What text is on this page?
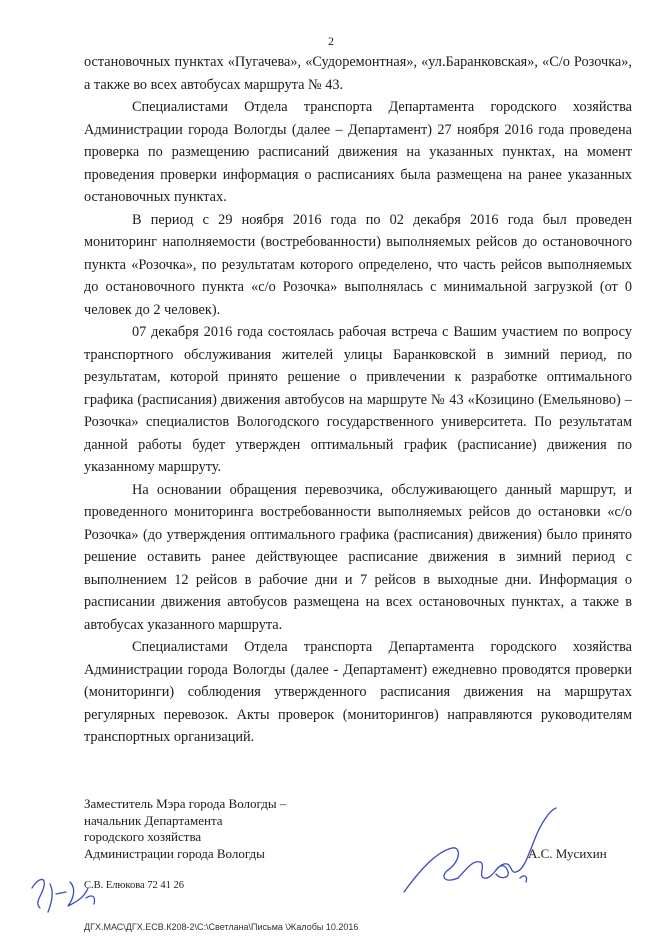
2

остановочных пунктах «Пугачева», «Судоремонтная», «ул.Баранковская», «С/о Розочка», а также во всех автобусах маршрута № 43.

Специалистами Отдела транспорта Департамента городского хозяйства Администрации города Вологды (далее – Департамент) 27 ноября 2016 года проведена проверка по размещению расписаний движения на указанных пунктах, на момент проведения проверки информация о расписаниях была размещена на ранее указанных остановочных пунктах.

В период с 29 ноября 2016 года по 02 декабря 2016 года был проведен мониторинг наполняемости (востребованности) выполняемых рейсов до остановочного пункта «Розочка», по результатам которого определено, что часть рейсов выполняемых до остановочного пункта «с/о Розочка» выполнялась с минимальной загрузкой (от 0 человек до 2 человек).

07 декабря 2016 года состоялась рабочая встреча с Вашим участием по вопросу транспортного обслуживания жителей улицы Баранковской в зимний период, по результатам, которой принято решение о привлечении к разработке оптимального графика (расписания) движения автобусов на маршруте № 43 «Козицино (Емельяново) – Розочка» специалистов Вологодского государственного университета. По результатам данной работы будет утвержден оптимальный график (расписание) движения по указанному маршруту.

На основании обращения перевозчика, обслуживающего данный маршрут, и проведенного мониторинга востребованности выполняемых рейсов до остановки «с/о Розочка» (до утверждения оптимального графика (расписания) движения) было принято решение оставить ранее действующее расписание движения в зимний период с выполнением 12 рейсов в рабочие дни и 7 рейсов в выходные дни. Информация о расписании движения автобусов размещена на всех остановочных пунктах, а также в автобусах указанного маршрута.

Специалистами Отдела транспорта Департамента городского хозяйства Администрации города Вологды (далее - Департамент) ежедневно проводятся проверки (мониторинги) соблюдения утвержденного расписания движения на маршрутах регулярных перевозок. Акты проверок (мониторингов) направляются руководителям транспортных организаций.

Заместитель Мэра города Вологды –
начальник Департамента
городского хозяйства
Администрации города Вологды	А.С. Мусихин
С.В. Елюкова 72 41 26
ДГХ.МАС\ДГХ.ЕСВ.К208-2\С:\Светлана\Письма \Жалобы 10.2016
